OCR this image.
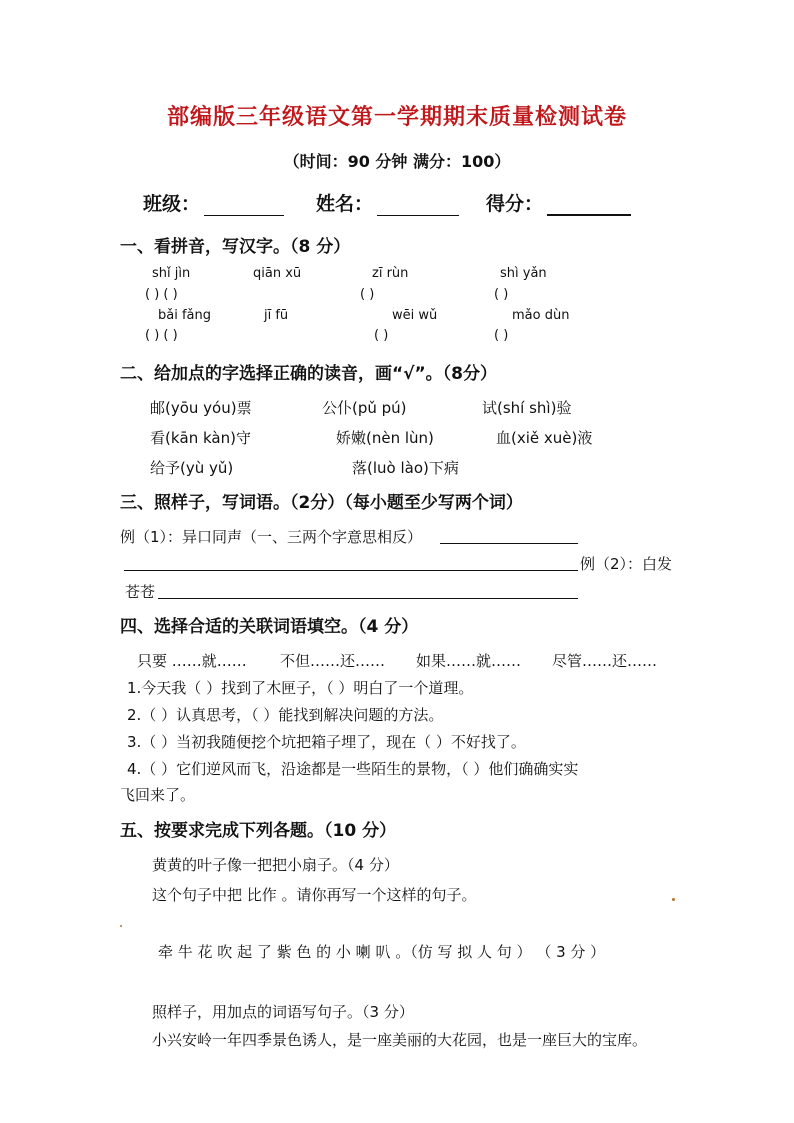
部编版三年级语文第一学期期末质量检测试卷
（时间：90 分钟 满分：100）
班级：	姓名：	得分：
一、看拼音，写汉字。（8 分）
shǐ jìn	qiān xū	zī rùn	shì yǎn
( ) ( )	( )	( )
bǎi fǎng	jī fū	wēi wǔ	mǎo dùn
( ) ( )	( )	( )
二、给加点的字选择正确的读音，画“√”。（8分）
邮(yōu yóu)票	公仆(pǔ pú)	试(shí shì)验
看(kān kàn)守	娇嫩(nèn lùn)	血(xiě xuè)液
给予(yù yǔ)	落(luò lào)下病
三、照样子，写词语。（2分）（每小题至少写两个词）
例（1）：异口同声（一、三两个字意思相反）
例（2）：白发
苍苍
四、选择合适的关联词语填空。（4 分）
只要 ……就…… 不但……还…… 如果……就…… 尽管……还……
1.今天我（ ）找到了木匣子，（ ）明白了一个道理。
2.（ ）认真思考，（ ）能找到解决问题的方法。
3.（ ）当初我随便挖个坑把箱子埋了，现在（ ）不好找了。
4.（ ）它们逆风而飞，沿途都是一些陌生的景物，（ ）他们确确实实
飞回来了。
五、按要求完成下列各题。（10 分）
黄黄的叶子像一把把小扇子。（4 分）
这个句子中把 比作 。请你再写一个这样的句子。
牵 牛 花 吹 起 了 紫 色 的 小 喇 叭 。（仿 写 拟 人 句 ） （ 3 分 ）
照样子，用加点的词语写句子。（3 分）
小兴安岭一年四季景色诱人，是一座美丽的大花园，也是一座巨大的宝库。
